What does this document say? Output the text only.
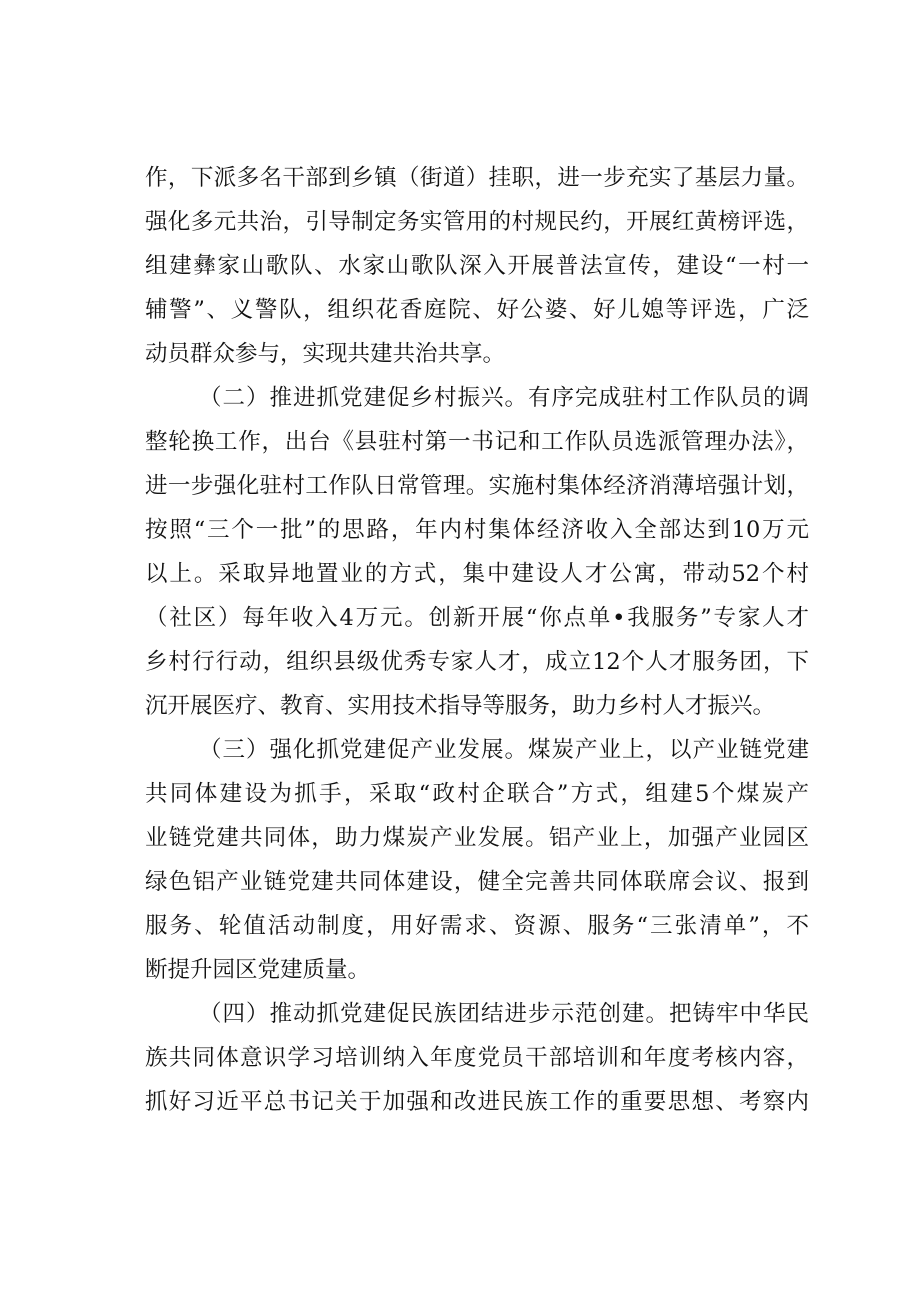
作，下派多名干部到乡镇（街道）挂职，进一步充实了基层力量。
强化多元共治，引导制定务实管用的村规民约，开展红黄榜评选，
组建彝家山歌队、水家山歌队深入开展普法宣传，建设“一村一
辅警”、义警队，组织花香庭院、好公婆、好儿媳等评选，广泛
动员群众参与，实现共建共治共享。
（二）推进抓党建促乡村振兴。有序完成驻村工作队员的调
整轮换工作，出台《县驻村第一书记和工作队员选派管理办法》，
进一步强化驻村工作队日常管理。实施村集体经济消薄培强计划，
按照“三个一批”的思路，年内村集体经济收入全部达到10万元
以上。采取异地置业的方式，集中建设人才公寓，带动52个村
（社区）每年收入4万元。创新开展“你点单•我服务”专家人才
乡村行行动，组织县级优秀专家人才，成立12个人才服务团，下
沉开展医疗、教育、实用技术指导等服务，助力乡村人才振兴。
（三）强化抓党建促产业发展。煤炭产业上，以产业链党建
共同体建设为抓手，采取“政村企联合”方式，组建5个煤炭产
业链党建共同体，助力煤炭产业发展。铝产业上，加强产业园区
绿色铝产业链党建共同体建设，健全完善共同体联席会议、报到
服务、轮值活动制度，用好需求、资源、服务“三张清单”，不
断提升园区党建质量。
（四）推动抓党建促民族团结进步示范创建。把铸牢中华民
族共同体意识学习培训纳入年度党员干部培训和年度考核内容，
抓好习近平总书记关于加强和改进民族工作的重要思想、考察内
